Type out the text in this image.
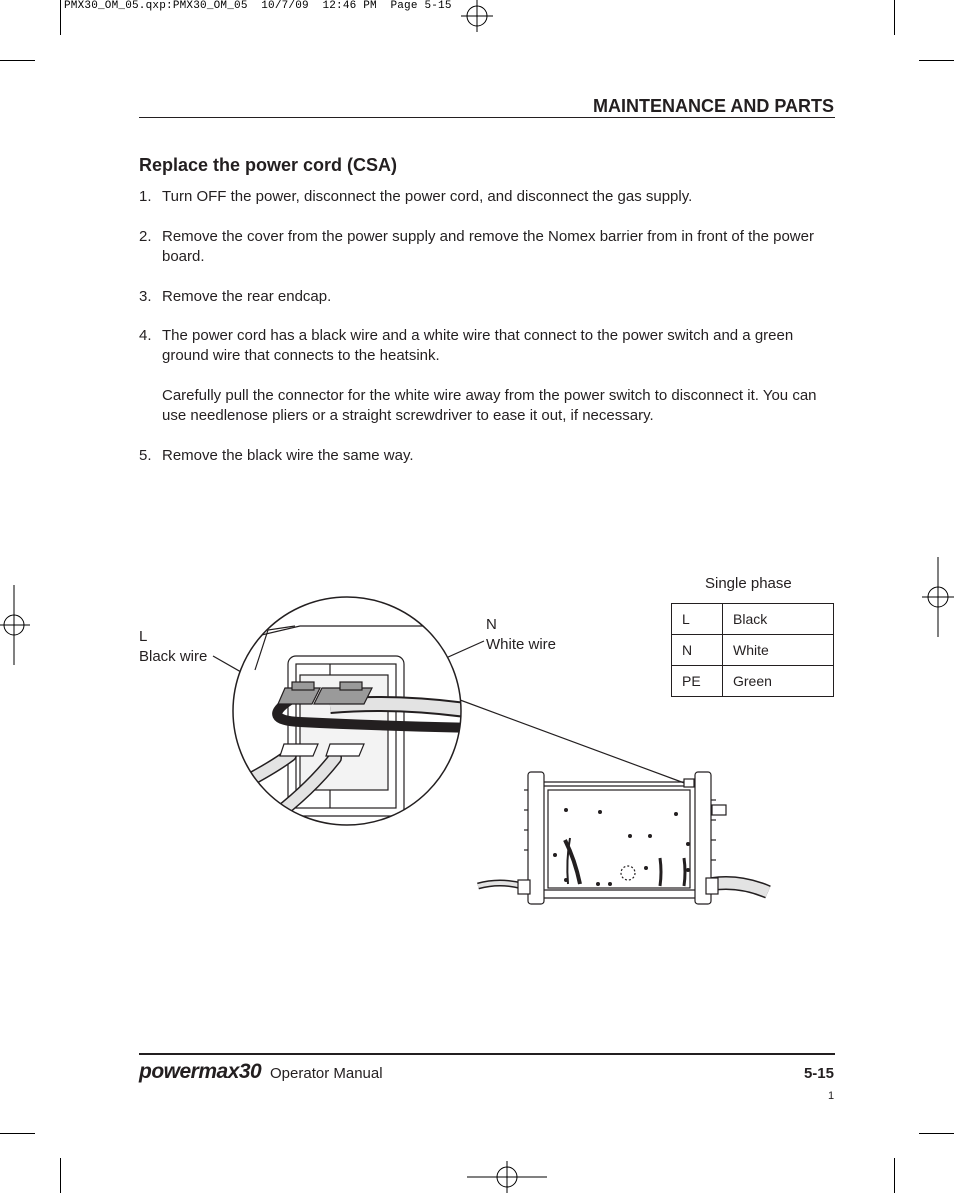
PMX30_OM_05.qxp:PMX30_OM_05  10/7/09  12:46 PM  Page 5-15
MAINTENANCE AND PARTS
Replace the power cord (CSA)
1. Turn OFF the power, disconnect the power cord, and disconnect the gas supply.
2. Remove the cover from the power supply and remove the Nomex barrier from in front of the power board.
3. Remove the rear endcap.
4. The power cord has a black wire and a white wire that connect to the power switch and a green ground wire that connects to the heatsink.
Carefully pull the connector for the white wire away from the power switch to disconnect it. You can use needlenose pliers or a straight screwdriver to ease it out, if necessary.
5. Remove the black wire the same way.
L
Black wire
N
White wire
Single phase
L	Black
N	White
PE	Green
powermax30 Operator Manual	5-15
1
